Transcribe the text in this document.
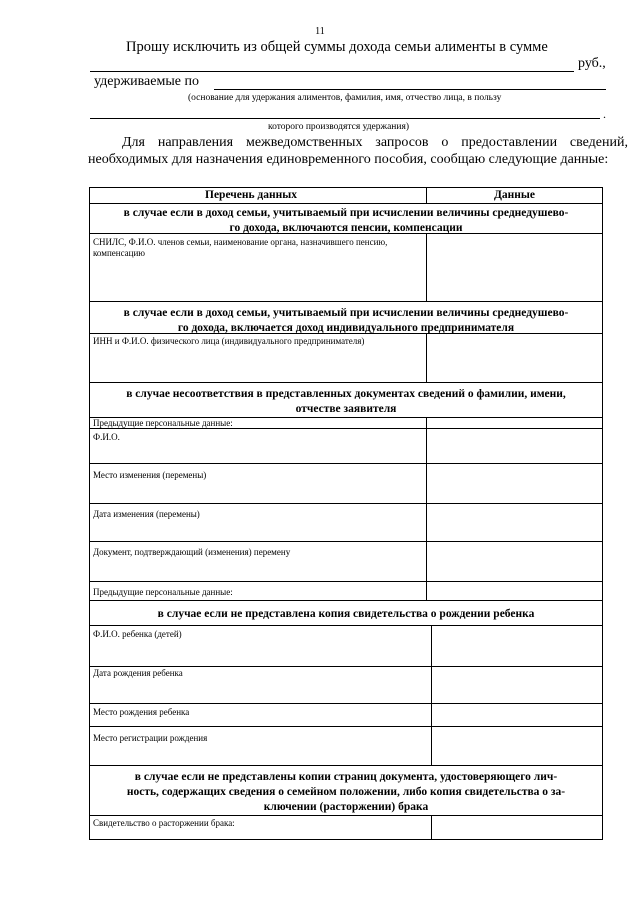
11
Прошу исключить из общей суммы дохода семьи алименты в сумме
руб.,
удерживаемые по
(основание для удержания алиментов, фамилия, имя, отчество лица, в пользу
.
которого производятся удержания)
Для направления межведомственных запросов о предоставлении сведений, необходимых для назначения единовременного пособия, сообщаю следующие данные:
Перечень данных	Данные
в случае если в доход семьи, учитываемый при исчислении величины среднедушево-
го дохода, включаются пенсии, компенсации
СНИЛС, Ф.И.О. членов семьи, наименование органа, назначившего пенсию, компенсацию
в случае если в доход семьи, учитываемый при исчислении величины среднедушево-
го дохода, включается доход индивидуального предпринимателя
ИНН и Ф.И.О. физического лица (индивидуального предпринимателя)
в случае несоответствия в представленных документах сведений о фамилии, имени,
отчестве заявителя
Предыдущие персональные данные:
Ф.И.О.
Место изменения (перемены)
Дата изменения (перемены)
Документ, подтверждающий (изменения) перемену
Предыдущие персональные данные:
в случае если не представлена копия свидетельства о рождении ребенка
Ф.И.О. ребенка (детей)
Дата рождения ребенка
Место рождения ребенка
Место регистрации рождения
в случае если не представлены копии страниц документа, удостоверяющего лич-
ность, содержащих сведения о семейном положении, либо копия свидетельства о за-
ключении (расторжении) брака
Свидетельство о расторжении брака:
